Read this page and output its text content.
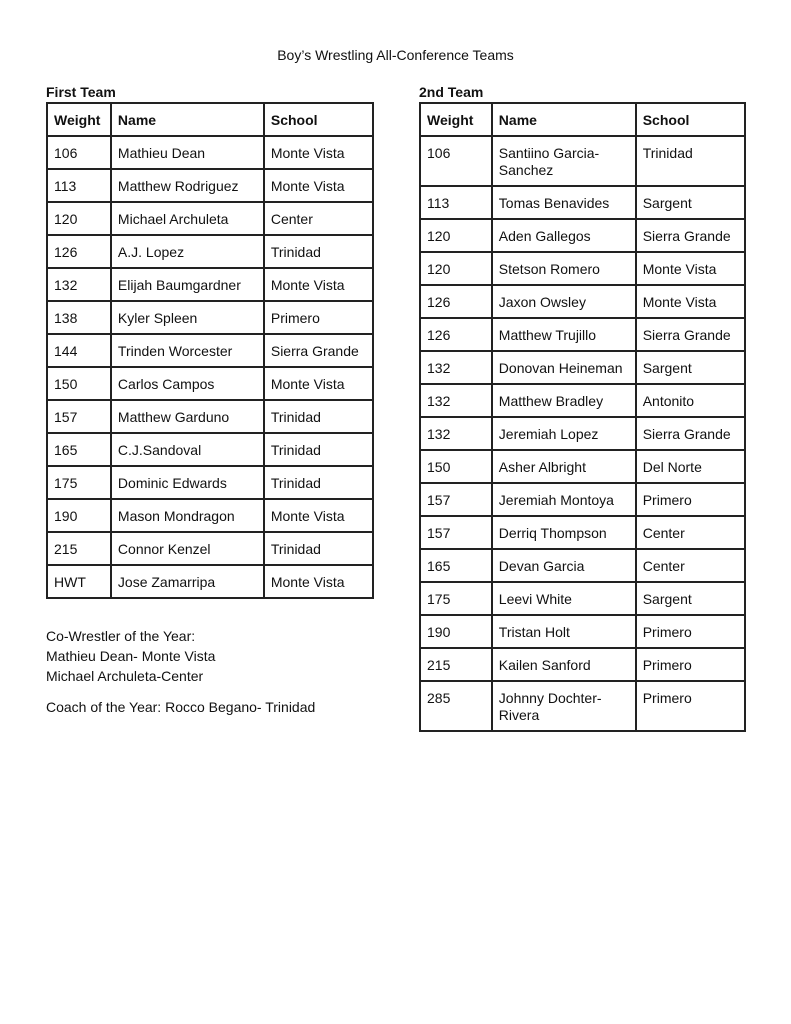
Boy’s Wrestling All-Conference Teams
First Team
Weight	Name	School
106	Mathieu Dean	Monte Vista
113	Matthew Rodriguez	Monte Vista
120	Michael Archuleta	Center
126	A.J. Lopez	Trinidad
132	Elijah Baumgardner	Monte Vista
138	Kyler Spleen	Primero
144	Trinden Worcester	Sierra Grande
150	Carlos Campos	Monte Vista
157	Matthew Garduno	Trinidad
165	C.J.Sandoval	Trinidad
175	Dominic Edwards	Trinidad
190	Mason Mondragon	Monte Vista
215	Connor Kenzel	Trinidad
HWT	Jose Zamarripa	Monte Vista
2nd Team
Weight	Name	School
106	Santiino Garcia-Sanchez	Trinidad
113	Tomas Benavides	Sargent
120	Aden Gallegos	Sierra Grande
120	Stetson Romero	Monte Vista
126	Jaxon Owsley	Monte Vista
126	Matthew Trujillo	Sierra Grande
132	Donovan Heineman	Sargent
132	Matthew Bradley	Antonito
132	Jeremiah Lopez	Sierra Grande
150	Asher Albright	Del Norte
157	Jeremiah Montoya	Primero
157	Derriq Thompson	Center
165	Devan Garcia	Center
175	Leevi White	Sargent
190	Tristan Holt	Primero
215	Kailen Sanford	Primero
285	Johnny Dochter-Rivera	Primero
Co-Wrestler of the Year:
Mathieu Dean- Monte Vista
Michael Archuleta-Center
Coach of the Year: Rocco Begano- Trinidad
